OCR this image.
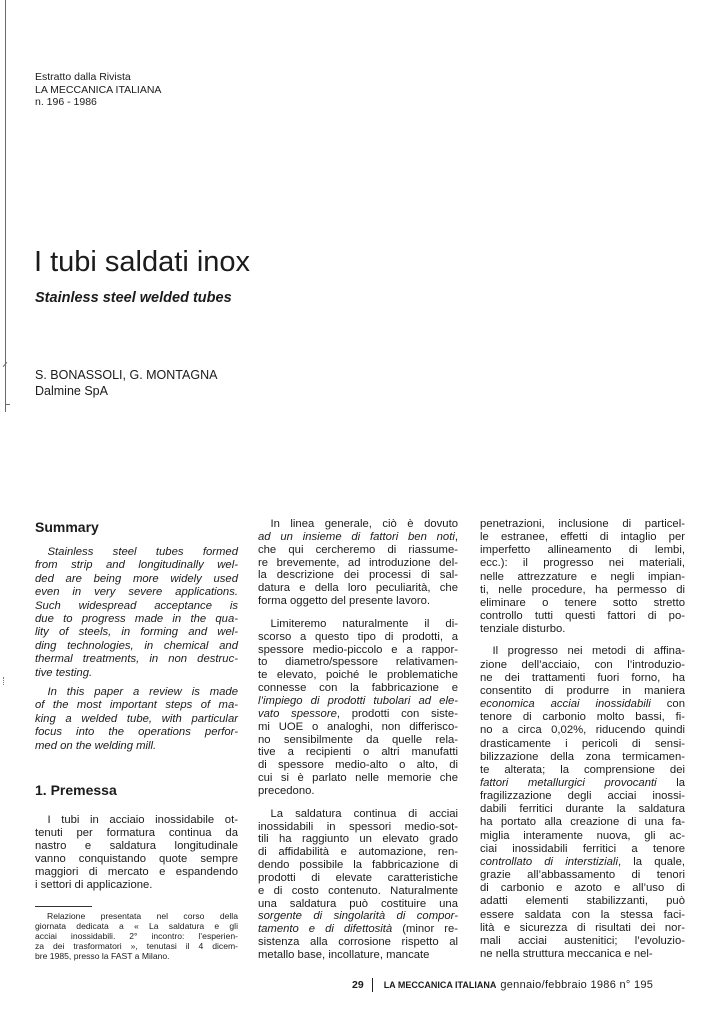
Estratto dalla Rivista
LA MECCANICA ITALIANA
n. 196 - 1986
I tubi saldati inox
Stainless steel welded tubes
S. BONASSOLI, G. MONTAGNA
Dalmine SpA
Summary
Stainless steel tubes formed
from strip and longitudinally wel-
ded are being more widely used
even in very severe applications.
Such widespread acceptance is
due to progress made in the qua-
lity of steels, in forming and wel-
ding technologies, in chemical and
thermal treatments, in non destruc-
tive testing.
In this paper a review is made
of the most important steps of ma-
king a welded tube, with particular
focus into the operations perfor-
med on the welding mill.
1. Premessa
I tubi in acciaio inossidabile ot-
tenuti per formatura continua da
nastro e saldatura longitudinale
vanno conquistando quote sempre
maggiori di mercato e espandendo
i settori di applicazione.
Relazione presentata nel corso della
giornata dedicata a « La saldatura e gli
acciai inossidabili. 2° incontro: l’esperien-
za dei trasformatori », tenutasi il 4 dicem-
bre 1985, presso la FAST a Milano.
In linea generale, ciò è dovuto
ad un insieme di fattori ben noti,
che qui cercheremo di riassume-
re brevemente, ad introduzione del-
la descrizione dei processi di sal-
datura e della loro peculiarità, che
forma oggetto del presente lavoro.
Limiteremo naturalmente il di-
scorso a questo tipo di prodotti, a
spessore medio-piccolo e a rappor-
to diametro/spessore relativamen-
te elevato, poiché le problematiche
connesse con la fabbricazione e
l’impiego di prodotti tubolari ad ele-
vato spessore, prodotti con siste-
mi UOE o analoghi, non differisco-
no sensibilmente da quelle rela-
tive a recipienti o altri manufatti
di spessore medio-alto o alto, di
cui si è parlato nelle memorie che
precedono.
La saldatura continua di acciai
inossidabili in spessori medio-sot-
tili ha raggiunto un elevato grado
di affidabilità e automazione, ren-
dendo possibile la fabbricazione di
prodotti di elevate caratteristiche
e di costo contenuto. Naturalmente
una saldatura può costituire una
sorgente di singolarità di compor-
tamento e di difettosità (minor re-
sistenza alla corrosione rispetto al
metallo base, incollature, mancate
penetrazioni, inclusione di particel-
le estranee, effetti di intaglio per
imperfetto allineamento di lembi,
ecc.): il progresso nei materiali,
nelle attrezzature e negli impian-
ti, nelle procedure, ha permesso di
eliminare o tenere sotto stretto
controllo tutti questi fattori di po-
tenziale disturbo.
Il progresso nei metodi di affina-
zione dell’acciaio, con l’introduzio-
ne dei trattamenti fuori forno, ha
consentito di produrre in maniera
economica acciai inossidabili con
tenore di carbonio molto bassi, fi-
no a circa 0,02%, riducendo quindi
drasticamente i pericoli di sensi-
bilizzazione della zona termicamen-
te alterata; la comprensione dei
fattori metallurgici provocanti la
fragilizzazione degli acciai inossi-
dabili ferritici durante la saldatura
ha portato alla creazione di una fa-
miglia interamente nuova, gli ac-
ciai inossidabili ferritici a tenore
controllato di interstiziali, la quale,
grazie all’abbassamento di tenori
di carbonio e azoto e all’uso di
adatti elementi stabilizzanti, può
essere saldata con la stessa faci-
lità e sicurezza di risultati dei nor-
mali acciai austenitici; l’evoluzio-
ne nella struttura meccanica e nel-
29 LA MECCANICA ITALIANA gennaio/febbraio 1986 n° 195
